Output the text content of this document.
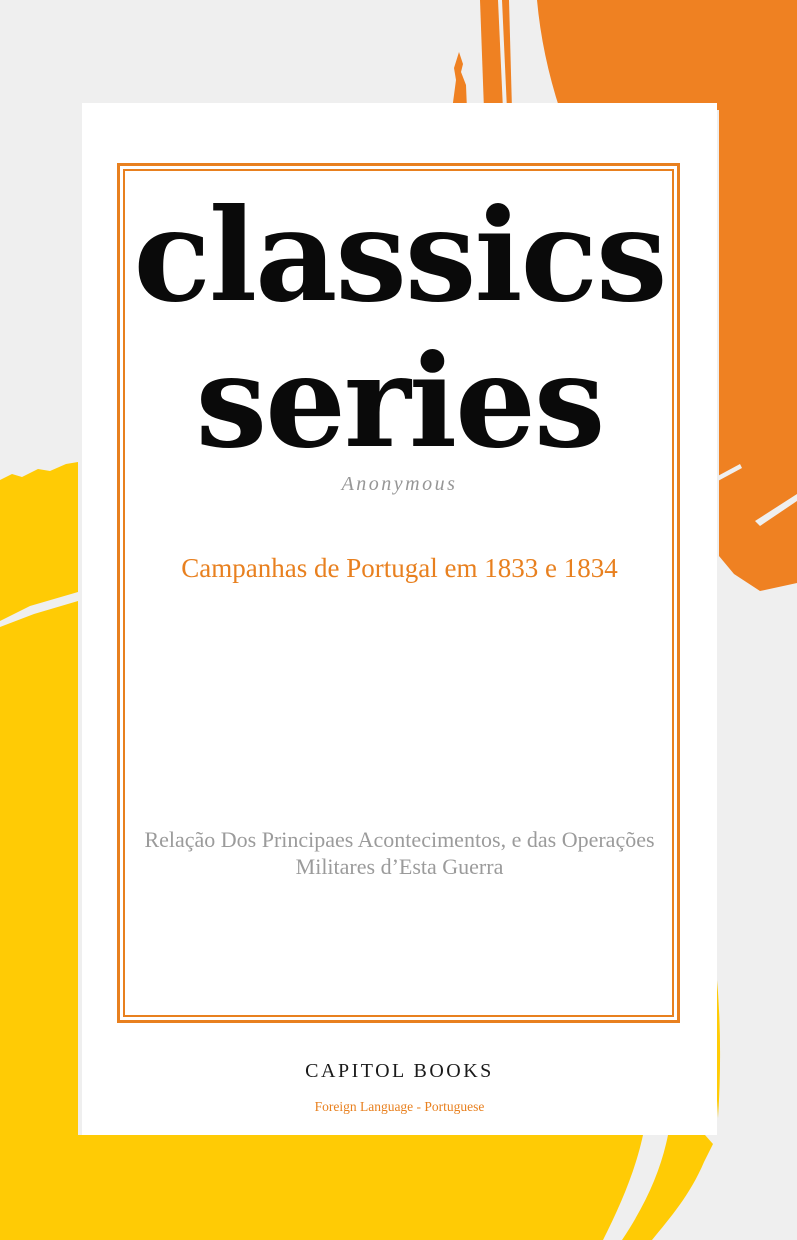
classics
series
Anonymous
Campanhas de Portugal em 1833 e 1834
Relação Dos Principaes Acontecimentos, e das Operações
Militares d’Esta Guerra
CAPITOL BOOKS
Foreign Language - Portuguese
